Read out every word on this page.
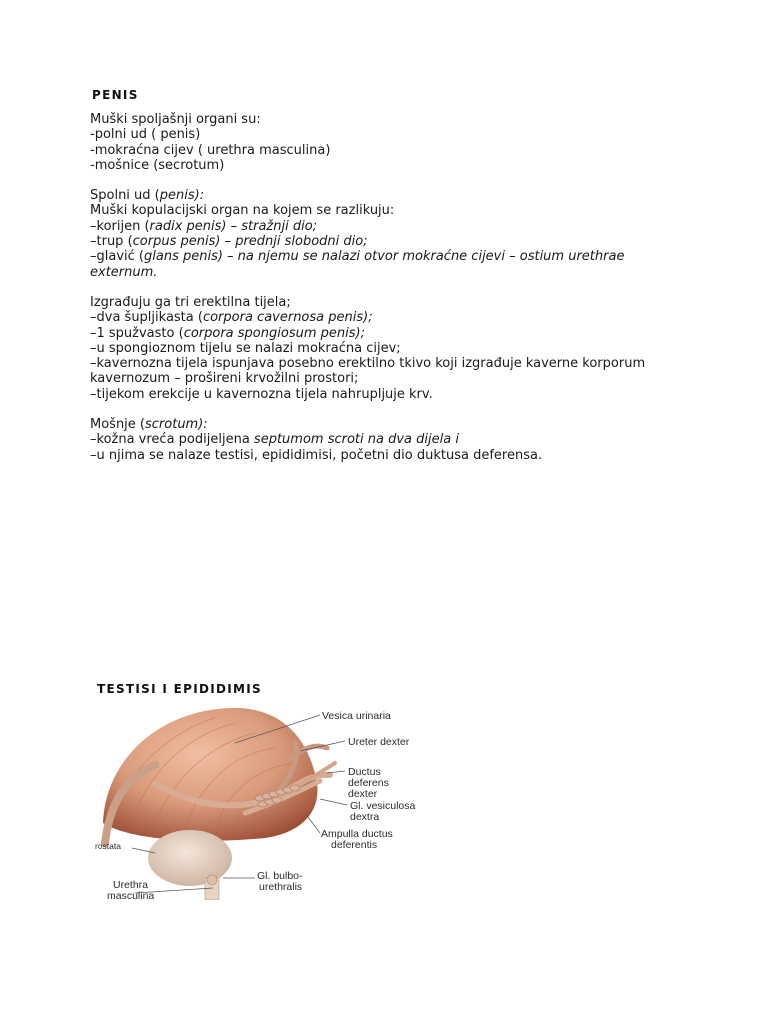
PENIS

Muški spoljašnji organi su:

-polni ud ( penis)

-mokraćna cijev ( urethra masculina)

-mošnice (secrotum)

Spolni ud (penis):

Muški kopulacijski organ na kojem se razlikuju:

–korijen (radix penis) – stražnji dio;

–trup (corpus penis) – prednji slobodni dio;

–glavić (glans penis) – na njemu se nalazi otvor mokraćne cijevi – ostium urethrae

externum.

Izgrađuju ga tri erektilna tijela;

–dva šupljikasta (corpora cavernosa penis);

–1 spužvasto (corpora spongiosum penis);

–u spongioznom tijelu se nalazi mokraćna cijev;

–kavernozna tijela ispunjava posebno erektilno tkivo koji izgrađuje kaverne korporum

kavernozum – prošireni krvožilni prostori;

–tijekom erekcije u kavernozna tijela nahrupljuje krv.

Mošnje (scrotum):

–kožna vreća podijeljena septumom scroti na dva dijela i

–u njima se nalaze testisi, epididimisi, početni dio duktusa deferensa.

TESTISI I EPIDIDIMIS
Vesica urinaria
Ureter dexter
Ductus
deferens
dexter
Gl. vesiculosa
dextra
Ampulla ductus
deferentis
rostata
Gl. bulbo-
urethralis
Urethra
masculina
